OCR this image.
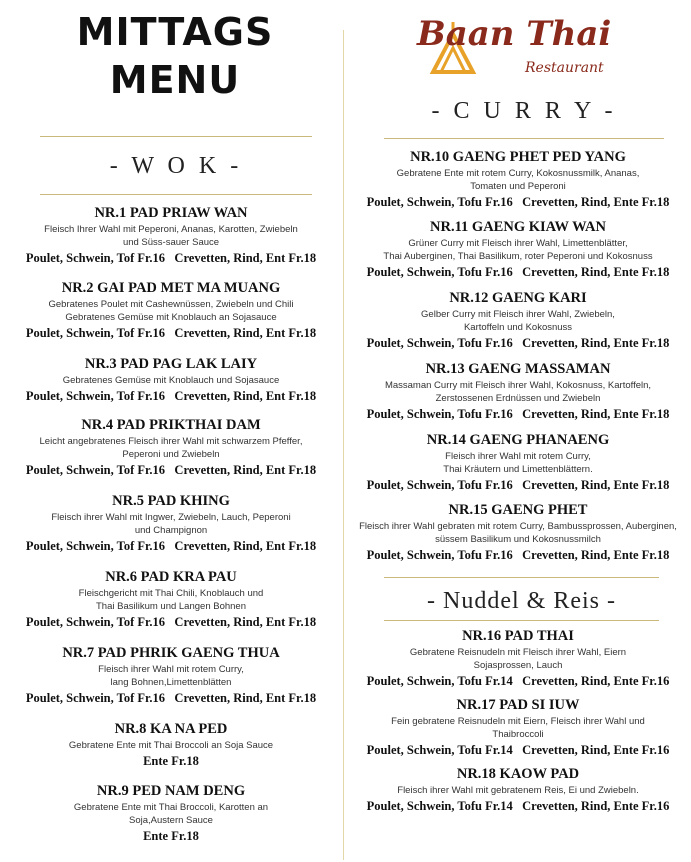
MITTAGS
MENU
Baan Thai
Restaurant
- W O K -
- C U R R Y -
NR.1 PAD PRIAW WAN
Fleisch Ihrer Wahl mit Peperoni, Ananas, Karotten, Zwiebeln
und Süss-sauer Sauce
Poulet, Schwein, Tof Fr.16   Crevetten, Rind, Ent Fr.18
NR.2 GAI PAD MET MA MUANG
Gebratenes Poulet mit Cashewnüssen, Zwiebeln und Chili
Gebratenes Gemüse mit Knoblauch an Sojasauce
Poulet, Schwein, Tof Fr.16   Crevetten, Rind, Ent Fr.18
NR.3 PAD PAG LAK LAIY
Gebratenes Gemüse mit Knoblauch und Sojasauce
Poulet, Schwein, Tof Fr.16   Crevetten, Rind, Ent Fr.18
NR.4 PAD PRIKTHAI DAM
Leicht angebratenes Fleisch ihrer Wahl mit schwarzem Pfeffer,
Peperoni und Zwiebeln
Poulet, Schwein, Tof Fr.16   Crevetten, Rind, Ent Fr.18
NR.5 PAD KHING
Fleisch ihrer Wahl mit Ingwer, Zwiebeln, Lauch, Peperoni
und Champignon
Poulet, Schwein, Tof Fr.16   Crevetten, Rind, Ent Fr.18
NR.6 PAD KRA PAU
Fleischgericht mit Thai Chili, Knoblauch und
Thai Basilikum und Langen Bohnen
Poulet, Schwein, Tof Fr.16   Crevetten, Rind, Ent Fr.18
NR.7 PAD PHRIK GAENG THUA
Fleisch ihrer Wahl mit rotem Curry,
lang Bohnen,Limettenblätten
Poulet, Schwein, Tof Fr.16   Crevetten, Rind, Ent Fr.18
NR.8 KA NA PED
Gebratene Ente mit Thai Broccoli an Soja Sauce
Ente Fr.18
NR.9 PED NAM DENG
Gebratene Ente mit Thai Broccoli, Karotten an
Soja,Austern Sauce
Ente Fr.18
NR.10 GAENG PHET PED YANG
Gebratene Ente mit rotem Curry, Kokosnussmilk, Ananas,
Tomaten und Peperoni
Poulet, Schwein, Tofu Fr.16   Crevetten, Rind, Ente Fr.18
NR.11 GAENG KIAW WAN
Grüner Curry mit Fleisch ihrer Wahl, Limettenblätter,
Thai Auberginen, Thai Basilikum, roter Peperoni und Kokosnuss
Poulet, Schwein, Tofu Fr.16   Crevetten, Rind, Ente Fr.18
NR.12 GAENG KARI
Gelber Curry mit Fleisch ihrer Wahl, Zwiebeln,
Kartoffeln und Kokosnuss
Poulet, Schwein, Tofu Fr.16   Crevetten, Rind, Ente Fr.18
NR.13 GAENG MASSAMAN
Massaman Curry mit Fleisch ihrer Wahl, Kokosnuss, Kartoffeln,
Zerstossenen Erdnüssen und Zwiebeln
Poulet, Schwein, Tofu Fr.16   Crevetten, Rind, Ente Fr.18
NR.14 GAENG PHANAENG
Fleisch ihrer Wahl mit rotem Curry,
Thai Kräutern und Limettenblättern.
Poulet, Schwein, Tofu Fr.16   Crevetten, Rind, Ente Fr.18
NR.15 GAENG PHET
Fleisch ihrer Wahl gebraten mit rotem Curry, Bambussprossen, Auberginen,
süssem Basilikum und Kokosnussmilch
Poulet, Schwein, Tofu Fr.16   Crevetten, Rind, Ente Fr.18
- Nuddel & Reis -
NR.16 PAD THAI
Gebratene Reisnudeln mit Fleisch ihrer Wahl, Eiern
Sojasprossen, Lauch
Poulet, Schwein, Tofu Fr.14   Crevetten, Rind, Ente Fr.16
NR.17 PAD SI IUW
Fein gebratene Reisnudeln mit Eiern, Fleisch ihrer Wahl und
Thaibroccoli
Poulet, Schwein, Tofu Fr.14   Crevetten, Rind, Ente Fr.16
NR.18 KAOW PAD
Fleisch ihrer Wahl mit gebratenem Reis, Ei und Zwiebeln.
Poulet, Schwein, Tofu Fr.14   Crevetten, Rind, Ente Fr.16
